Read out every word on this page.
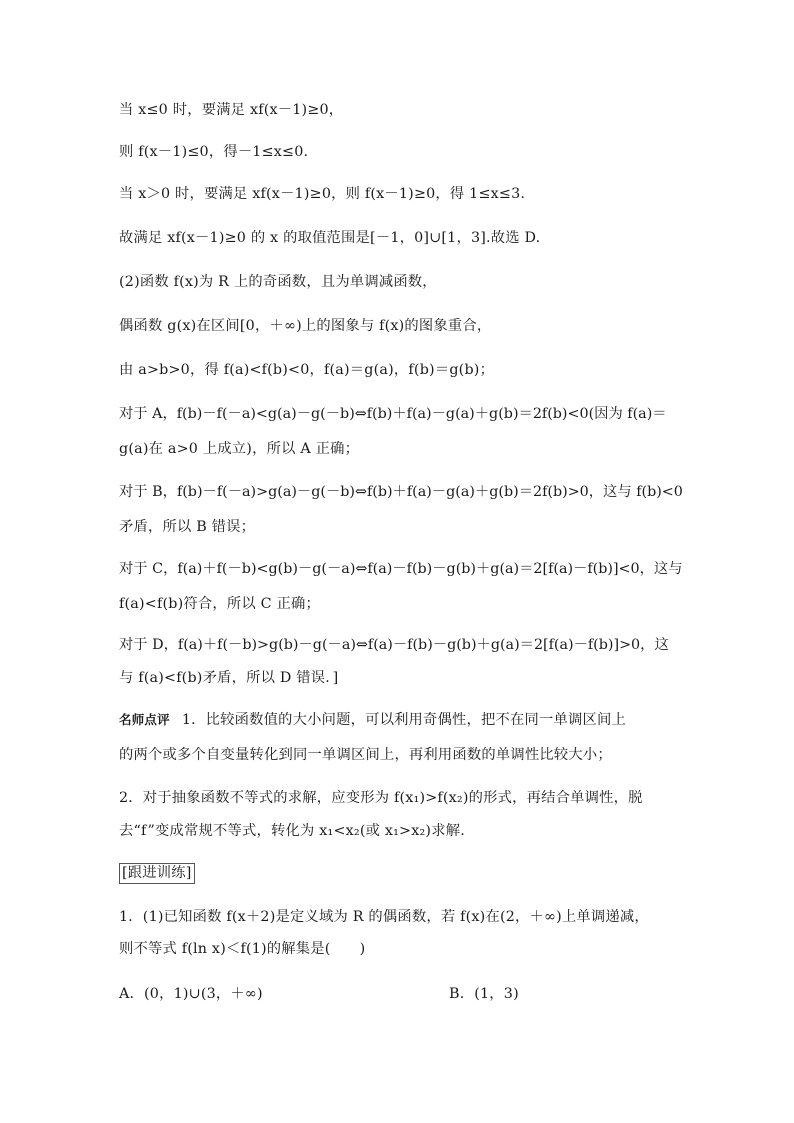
当 x≤0 时，要满足 xf(x－1)≥0，
则 f(x－1)≤0，得－1≤x≤0.
当 x＞0 时，要满足 xf(x－1)≥0，则 f(x－1)≥0，得 1≤x≤3.
故满足 xf(x－1)≥0 的 x 的取值范围是[－1，0]∪[1，3].故选 D.
(2)函数 f(x)为 R 上的奇函数，且为单调减函数，
偶函数 g(x)在区间[0，＋∞)上的图象与 f(x)的图象重合，
由 a>b>0，得 f(a)<f(b)<0，f(a)＝g(a)，f(b)＝g(b)；
对于 A，f(b)－f(－a)<g(a)－g(－b)⇔f(b)＋f(a)－g(a)＋g(b)＝2f(b)<0(因为 f(a)＝
g(a)在 a>0 上成立)，所以 A 正确；
对于 B，f(b)－f(－a)>g(a)－g(－b)⇔f(b)＋f(a)－g(a)＋g(b)＝2f(b)>0，这与 f(b)<0
矛盾，所以 B 错误；
对于 C，f(a)＋f(－b)<g(b)－g(－a)⇔f(a)－f(b)－g(b)＋g(a)＝2[f(a)－f(b)]<0，这与
f(a)<f(b)符合，所以 C 正确；
对于 D，f(a)＋f(－b)>g(b)－g(－a)⇔f(a)－f(b)－g(b)＋g(a)＝2[f(a)－f(b)]>0，这
与 f(a)<f(b)矛盾，所以 D 错误．]
名师点评 1．比较函数值的大小问题，可以利用奇偶性，把不在同一单调区间上
的两个或多个自变量转化到同一单调区间上，再利用函数的单调性比较大小；
2．对于抽象函数不等式的求解，应变形为 f(x₁)>f(x₂)的形式，再结合单调性，脱
去“f”变成常规不等式，转化为 x₁<x₂(或 x₁>x₂)求解.
[跟进训练]
1．(1)已知函数 f(x＋2)是定义域为 R 的偶函数，若 f(x)在(2，＋∞)上单调递减，
则不等式 f(ln x)＜f(1)的解集是(　　)
A．(0，1)∪(3，＋∞)	B．(1，3)
